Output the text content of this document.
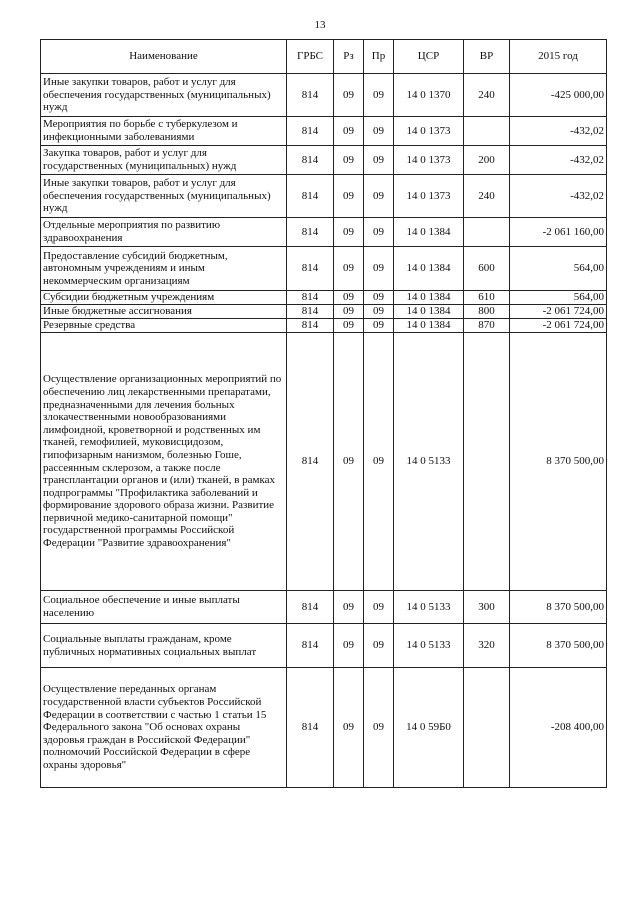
13
Наименование	ГРБС	Рз	Пр	ЦСР	ВР	2015 год
Иные закупки товаров, работ и услуг для обеспечения государственных (муниципальных) нужд	814	09	09	14 0 1370	240	-425 000,00
Мероприятия по борьбе с туберкулезом и инфекционными заболеваниями	814	09	09	14 0 1373		-432,02
Закупка товаров, работ и услуг для государственных (муниципальных) нужд	814	09	09	14 0 1373	200	-432,02
Иные закупки товаров, работ и услуг для обеспечения государственных (муниципальных) нужд	814	09	09	14 0 1373	240	-432,02
Отдельные мероприятия по развитию здравоохранения	814	09	09	14 0 1384		-2 061 160,00
Предоставление субсидий бюджетным, автономным учреждениям и иным некоммерческим организациям	814	09	09	14 0 1384	600	564,00
Субсидии бюджетным учреждениям	814	09	09	14 0 1384	610	564,00
Иные бюджетные ассигнования	814	09	09	14 0 1384	800	-2 061 724,00
Резервные средства	814	09	09	14 0 1384	870	-2 061 724,00
Осуществление организационных мероприятий по обеспечению лиц лекарственными препаратами, предназначенными для лечения больных злокачественными новообразованиями лимфоидной, кроветворной и родственных им тканей, гемофилией, муковисцидозом, гипофизарным нанизмом, болезнью Гоше, рассеянным склерозом, а также после трансплантации органов и (или) тканей, в рамках подпрограммы "Профилактика заболеваний и формирование здорового образа жизни. Развитие первичной медико-санитарной помощи" государственной программы Российской Федерации "Развитие здравоохранения"	814	09	09	14 0 5133		8 370 500,00
Социальное обеспечение и иные выплаты населению	814	09	09	14 0 5133	300	8 370 500,00
Социальные выплаты гражданам, кроме публичных нормативных социальных выплат	814	09	09	14 0 5133	320	8 370 500,00
Осуществление переданных органам государственной власти субъектов Российской Федерации в соответствии с частью 1 статьи 15 Федерального закона "Об основах охраны здоровья граждан в Российской Федерации" полномочий Российской Федерации в сфере охраны здоровья"	814	09	09	14 0 59Б0		-208 400,00
